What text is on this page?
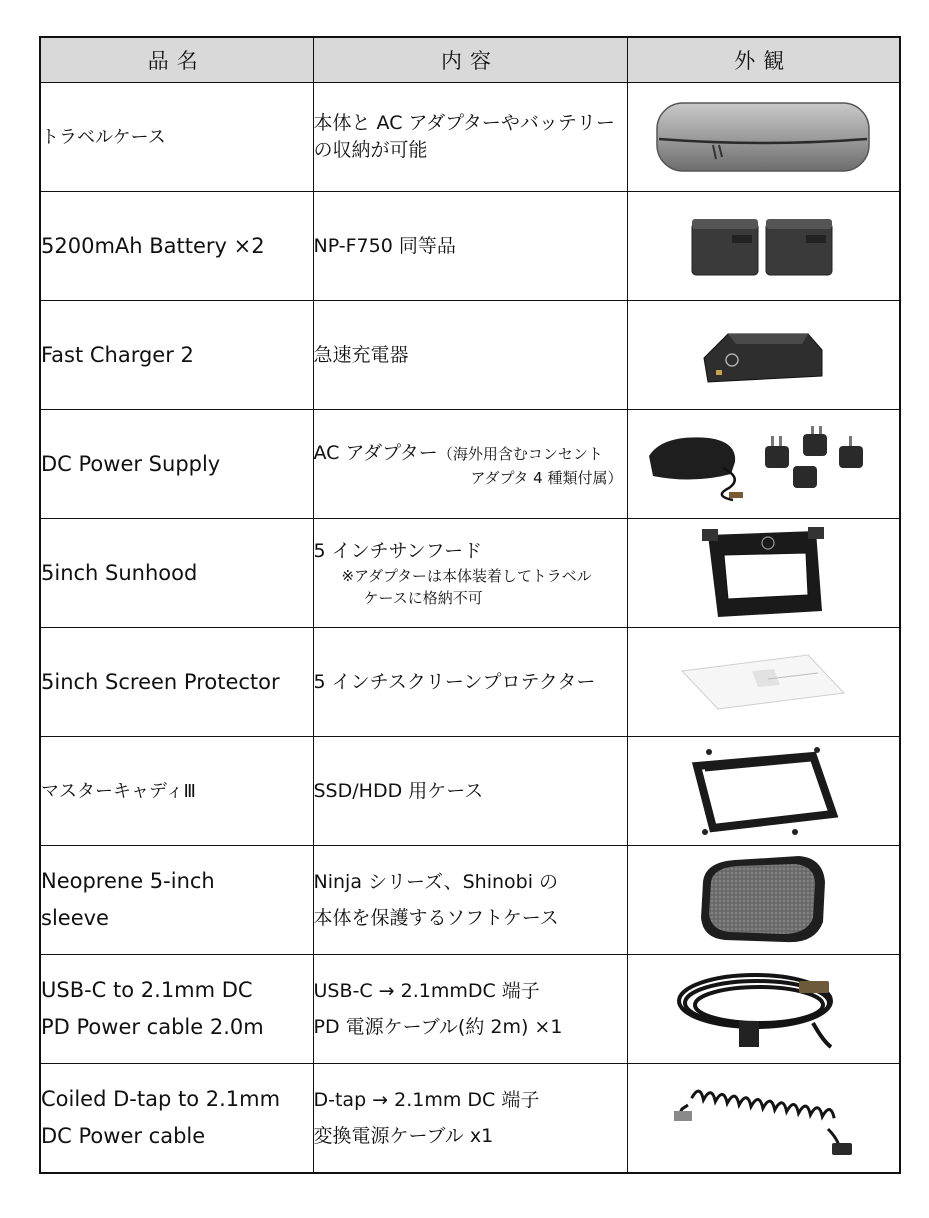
品名	内容	外観
トラベルケース	本体と AC アダプターやバッテリーの収納が可能	

5200mAh Battery ×2	NP-F750 同等品	

Fast Charger 2	急速充電器	

DC Power Supply	AC アダプター（海外用含むコンセント
アダプタ 4 種類付属）

5inch Sunhood	5 インチサンフード
※アダプターは本体装着してトラベル
ケースに格納不可

5inch Screen Protector	5 インチスクリーンプロテクター	

マスターキャディⅢ	SSD/HDD 用ケース	

Neoprene 5-inch
sleeve	Ninja シリーズ、Shinobi の
本体を保護するソフトケース

USB-C to 2.1mm DC
PD Power cable 2.0m	USB-C → 2.1mmDC 端子
PD 電源ケーブル(約 2m) ×1

Coiled D-tap to 2.1mm
DC Power cable	D-tap → 2.1mm DC 端子
変換電源ケーブル x1
